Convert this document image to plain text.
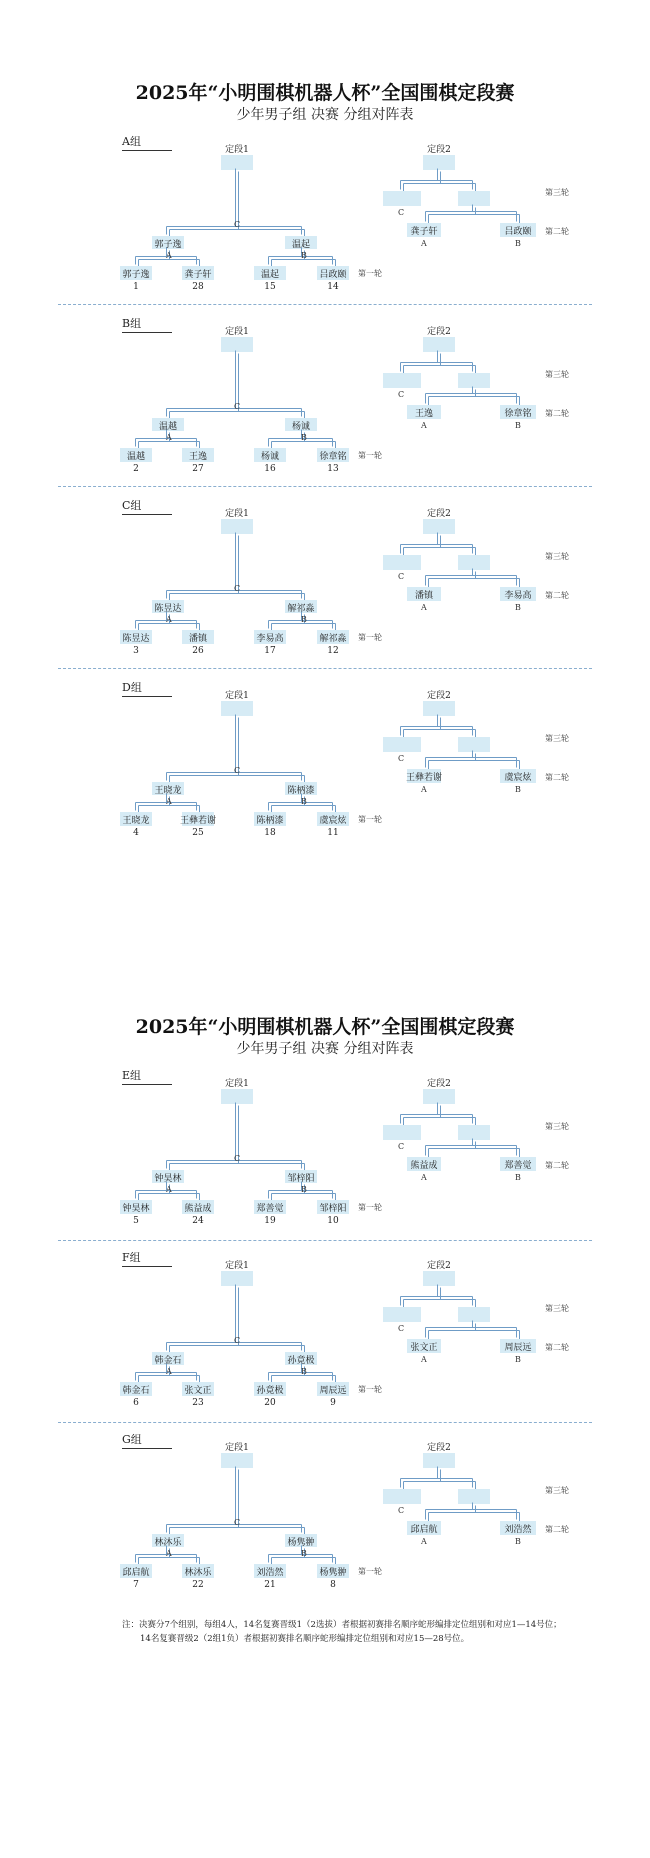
2025年“小明围棋机器人杯”全国围棋定段赛
少年男子组 决赛 分组对阵表
2025年“小明围棋机器人杯”全国围棋定段赛
少年男子组 决赛 分组对阵表
A组
定段1	定段2
C
郭子逸	温起
A	B
郭子逸	龚子轩	温起	吕政颐
1	28	15	14
第一轮
C
龚子轩	吕政颐
A	B
第三轮
第二轮
B组
定段1	定段2
C
温越	杨诚
A	B
温越	王逸	杨诚	徐章铭
2	27	16	13
第一轮
C
王逸	徐章铭
A	B
第三轮
第二轮
C组
定段1	定段2
C
陈昱达	解祁淼
A	B
陈昱达	潘镇	李易高	解祁淼
3	26	17	12
第一轮
C
潘镇	李易高
A	B
第三轮
第二轮
D组
定段1	定段2
C
王晓龙	陈柄漆
A	B
王晓龙	王彝若谢	陈柄漆	虞宸炫
4	25	18	11
第一轮
C
王彝若谢	虞宸炫
A	B
第三轮
第二轮
E组
定段1	定段2
C
钟昊林	邹梓阳
A	B
钟昊林	熊益成	郑善觉	邹梓阳
5	24	19	10
第一轮
C
熊益成	郑善觉
A	B
第三轮
第二轮
F组
定段1	定段2
C
韩金石	孙竟极
A	B
韩金石	张文正	孙竟极	周辰远
6	23	20	9
第一轮
C
张文正	周辰远
A	B
第三轮
第二轮
G组
定段1	定段2
C
林沐乐	杨隽翀
A	B
邱启航	林沐乐	刘浩然	杨隽翀
7	22	21	8
第一轮
C
邱启航	刘浩然
A	B
第三轮
第二轮
注：决赛分7个组别，每组4人，14名复赛晋级1（2选拔）者根据初赛排名顺序蛇形编排定位组别和对应1—14号位；
14名复赛晋级2（2组1负）者根据初赛排名顺序蛇形编排定位组别和对应15—28号位。
